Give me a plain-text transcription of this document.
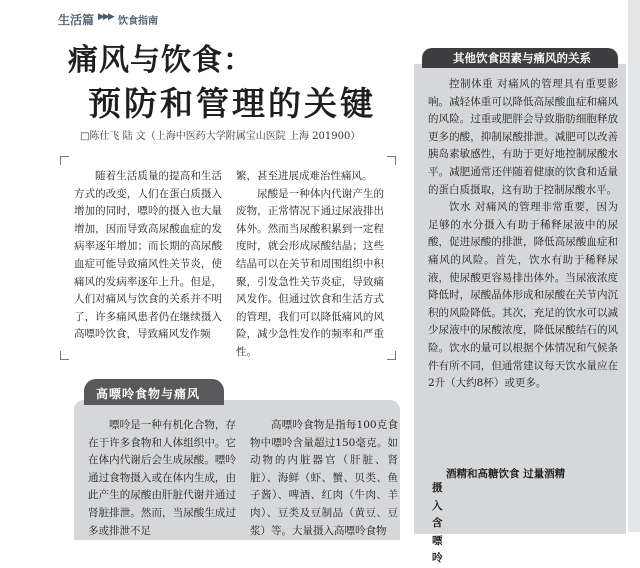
生活篇 ▶▶▶ 饮食指南
痛风与饮食：
预防和管理的关键
□陈仕飞 陆 文（上海中医药大学附属宝山医院 上海 201900）
随着生活质量的提高和生活方式的改变，人们在蛋白质摄入增加的同时，嘌呤的摄入也大量增加，因而导致高尿酸血症的发病率逐年增加；而长期的高尿酸血症可能导致痛风性关节炎，使痛风的发病率逐年上升。但是，人们对痛风与饮食的关系并不明了，许多痛风患者仍在继续摄入高嘌呤饮食，导致痛风发作频

繁，甚至进展成难治性痛风。

尿酸是一种体内代谢产生的废物，正常情况下通过尿液排出体外。然而当尿酸积累到一定程度时，就会形成尿酸结晶；这些结晶可以在关节和周围组织中积聚，引发急性关节炎症，导致痛风发作。但通过饮食和生活方式的管理，我们可以降低痛风的风险，减少急性发作的频率和严重性。

高嘌呤食物与痛风

嘌呤是一种有机化合物，存在于许多食物和人体组织中。它在体内代谢后会生成尿酸。嘌呤通过食物摄入或在体内生成，由此产生的尿酸由肝脏代谢并通过肾脏排泄。然而，当尿酸生成过多或排泄不足

高嘌呤食物是指每100克食物中嘌呤含量超过150毫克。如动物的内脏器官（肝脏、肾脏）、海鲜（虾、蟹、贝类、鱼子酱）、啤酒、红肉（牛肉、羊肉）、豆类及豆制品（黄豆、豆浆）等。大量摄入高嘌呤食物

其他饮食因素与痛风的关系

控制体重 对痛风的管理具有重要影响。减轻体重可以降低高尿酸血症和痛风的风险。过重或肥胖会导致脂肪细胞释放更多的酸，抑制尿酸排泄。减肥可以改善胰岛素敏感性，有助于更好地控制尿酸水平。减肥通常还伴随着健康的饮食和适量的蛋白质摄取，这有助于控制尿酸水平。

饮水 对痛风的管理非常重要，因为足够的水分摄入有助于稀释尿液中的尿酸，促进尿酸的排泄，降低高尿酸血症和痛风的风险。首先，饮水有助于稀释尿液，使尿酸更容易排出体外。当尿液浓度降低时，尿酸晶体形成和尿酸在关节内沉积的风险降低。其次，充足的饮水可以减少尿液中的尿酸浓度，降低尿酸结石的风险。饮水的量可以根据个体情况和气候条件有所不同，但通常建议每天饮水量应在2升（大约8杯）或更多。

酒精和高糖饮食 过量酒精
摄入含嘌呤
